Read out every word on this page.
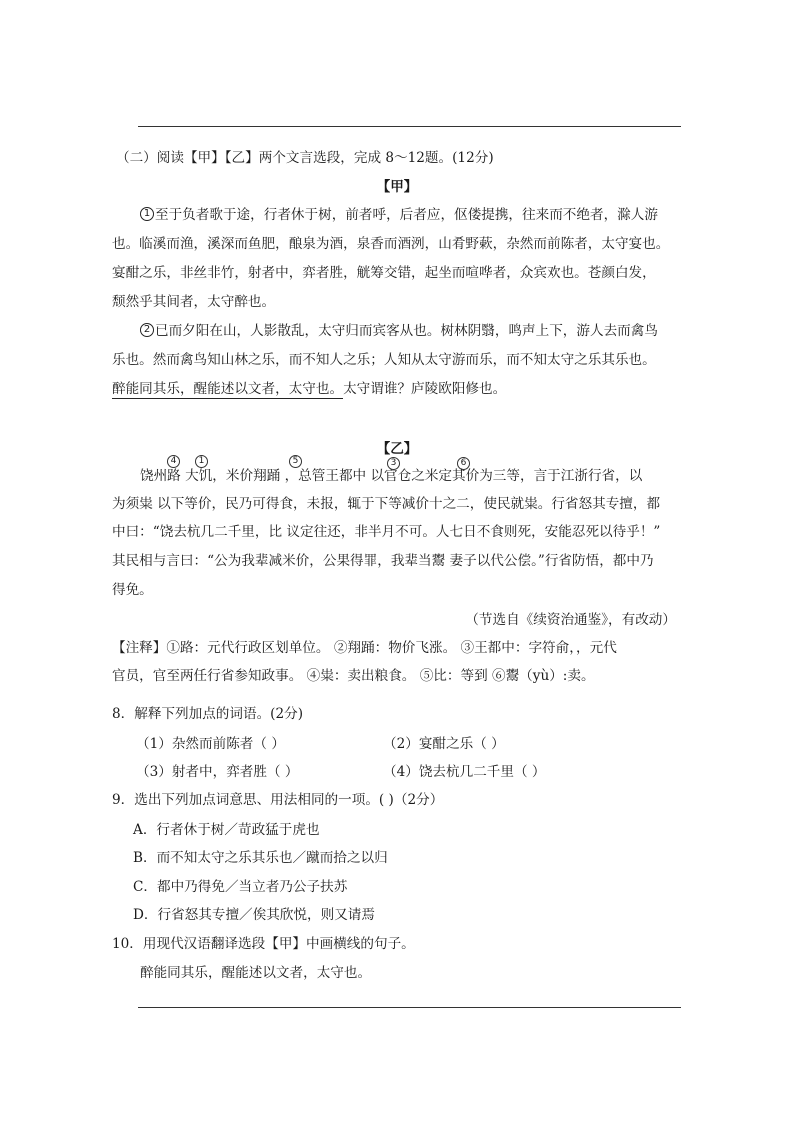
（二）阅读【甲】【乙】两个文言选段，完成 8～12题。(12分)
【甲】
1 至于负者歌于途，行者休于树，前者呼，后者应，伛偻提携，往来而不绝者，滁人游
也。临溪而渔，溪深而鱼肥，酿泉为酒，泉香而酒洌，山肴野蔌，杂然而前陈者，太守宴也。
宴酣之乐，非丝非竹，射者中，弈者胜，觥筹交错，起坐而喧哗者，众宾欢也。苍颜白发，
颓然乎其间者，太守醉也。
2 已而夕阳在山，人影散乱，太守归而宾客从也。树林阴翳，鸣声上下，游人去而禽鸟
乐也。然而禽鸟知山林之乐，而不知人之乐；人知从太守游而乐，而不知太守之乐其乐也。
醉能同其乐，醒能述以文者，太守也。太守谓谁？庐陵欧阳修也。
【乙】
4	1	5	3	6
饶州路 大饥，米价翔踊 ，总管王都中 以官仓之米定其价为三等，言于江浙行省，以
为须粜 以下等价，民乃可得食，未报，辄于下等减价十之二，使民就粜。行省怒其专擅，都
中曰：“饶去杭几二千里，比 议定往还，非半月不可。人七日不食则死，安能忍死以待乎！”
其民相与言曰：“公为我辈减米价，公果得罪，我辈当鬻 妻子以代公偿。”行省防悟，都中乃
得免。
（节选自《续资治通鉴》，有改动）
【注释】①路：元代行政区划单位。 ②翔踊：物价飞涨。 ③王都中：字符俞，，元代
官员，官至两任行省参知政事。 ④粜：卖出粮食。 ⑤比：等到 ⑥鬻（yù）:卖。
8．解释下列加点的词语。(2分)
（1）杂然而前陈者（ ）	（2）宴酣之乐（ ）
（3）射者中，弈者胜（ ）	（4）饶去杭几二千里（ ）
9．选出下列加点词意思、用法相同的一项。( )（2分）
A．行者休于树／苛政猛于虎也
B．而不知太守之乐其乐也／蹴而拾之以归
C．都中乃得免／当立者乃公子扶苏
D．行省怒其专擅／俟其欣悦，则又请焉
10．用现代汉语翻译选段【甲】中画横线的句子。
醉能同其乐，醒能述以文者，太守也。
